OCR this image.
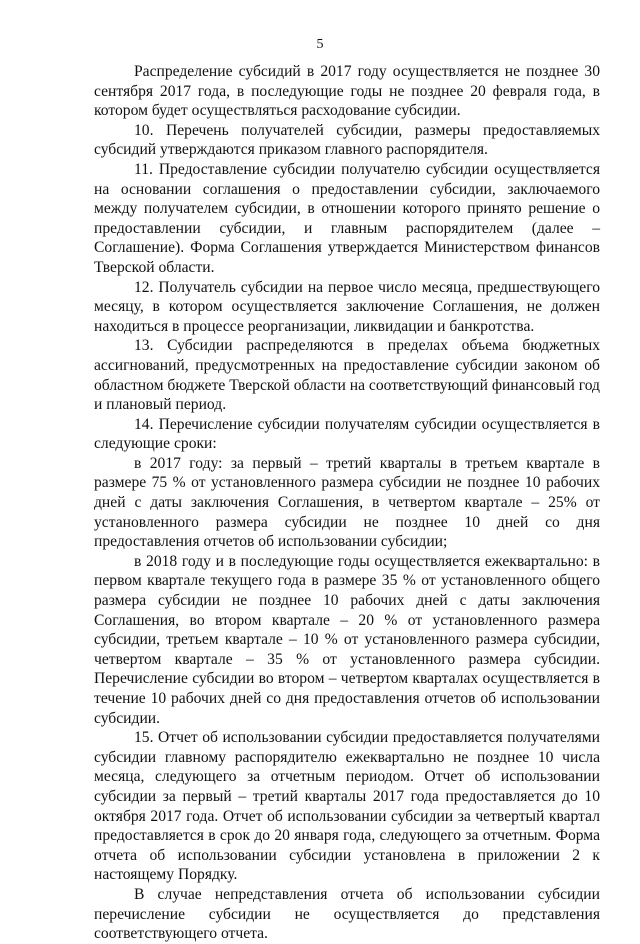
5

Распределение субсидий в 2017 году осуществляется не позднее 30 сентября 2017 года, в последующие годы не позднее 20 февраля года, в котором будет осуществляться расходование субсидии.

10. Перечень получателей субсидии, размеры предоставляемых субсидий утверждаются приказом главного распорядителя.

11. Предоставление субсидии получателю субсидии осуществляется на основании соглашения о предоставлении субсидии, заключаемого между получателем субсидии, в отношении которого принято решение о предоставлении субсидии, и главным распорядителем (далее – Соглашение). Форма Соглашения утверждается Министерством финансов Тверской области.

12. Получатель субсидии на первое число месяца, предшествующего месяцу, в котором осуществляется заключение Соглашения, не должен находиться в процессе реорганизации, ликвидации и банкротства.

13. Субсидии распределяются в пределах объема бюджетных ассигнований, предусмотренных на предоставление субсидии законом об областном бюджете Тверской области на соответствующий финансовый год и плановый период.

14. Перечисление субсидии получателям субсидии осуществляется в следующие сроки:

в 2017 году: за первый – третий кварталы в третьем квартале в размере 75 % от установленного размера субсидии не позднее 10 рабочих дней с даты заключения Соглашения, в четвертом квартале – 25% от установленного размера субсидии не позднее 10 дней со дня предоставления отчетов об использовании субсидии;

в 2018 году и в последующие годы осуществляется ежеквартально: в первом квартале текущего года в размере 35 % от установленного общего размера субсидии не позднее 10 рабочих дней с даты заключения Соглашения, во втором квартале – 20 % от установленного размера субсидии, третьем квартале – 10 % от установленного размера субсидии, четвертом квартале – 35 % от установленного размера субсидии. Перечисление субсидии во втором – четвертом кварталах осуществляется в течение 10 рабочих дней со дня предоставления отчетов об использовании субсидии.

15. Отчет об использовании субсидии предоставляется получателями субсидии главному распорядителю ежеквартально не позднее 10 числа месяца, следующего за отчетным периодом. Отчет об использовании субсидии за первый – третий кварталы 2017 года предоставляется до 10 октября 2017 года. Отчет об использовании субсидии за четвертый квартал предоставляется в срок до 20 января года, следующего за отчетным. Форма отчета об использовании субсидии установлена в приложении 2 к настоящему Порядку.

В случае непредставления отчета об использовании субсидии перечисление субсидии не осуществляется до представления соответствующего отчета.
